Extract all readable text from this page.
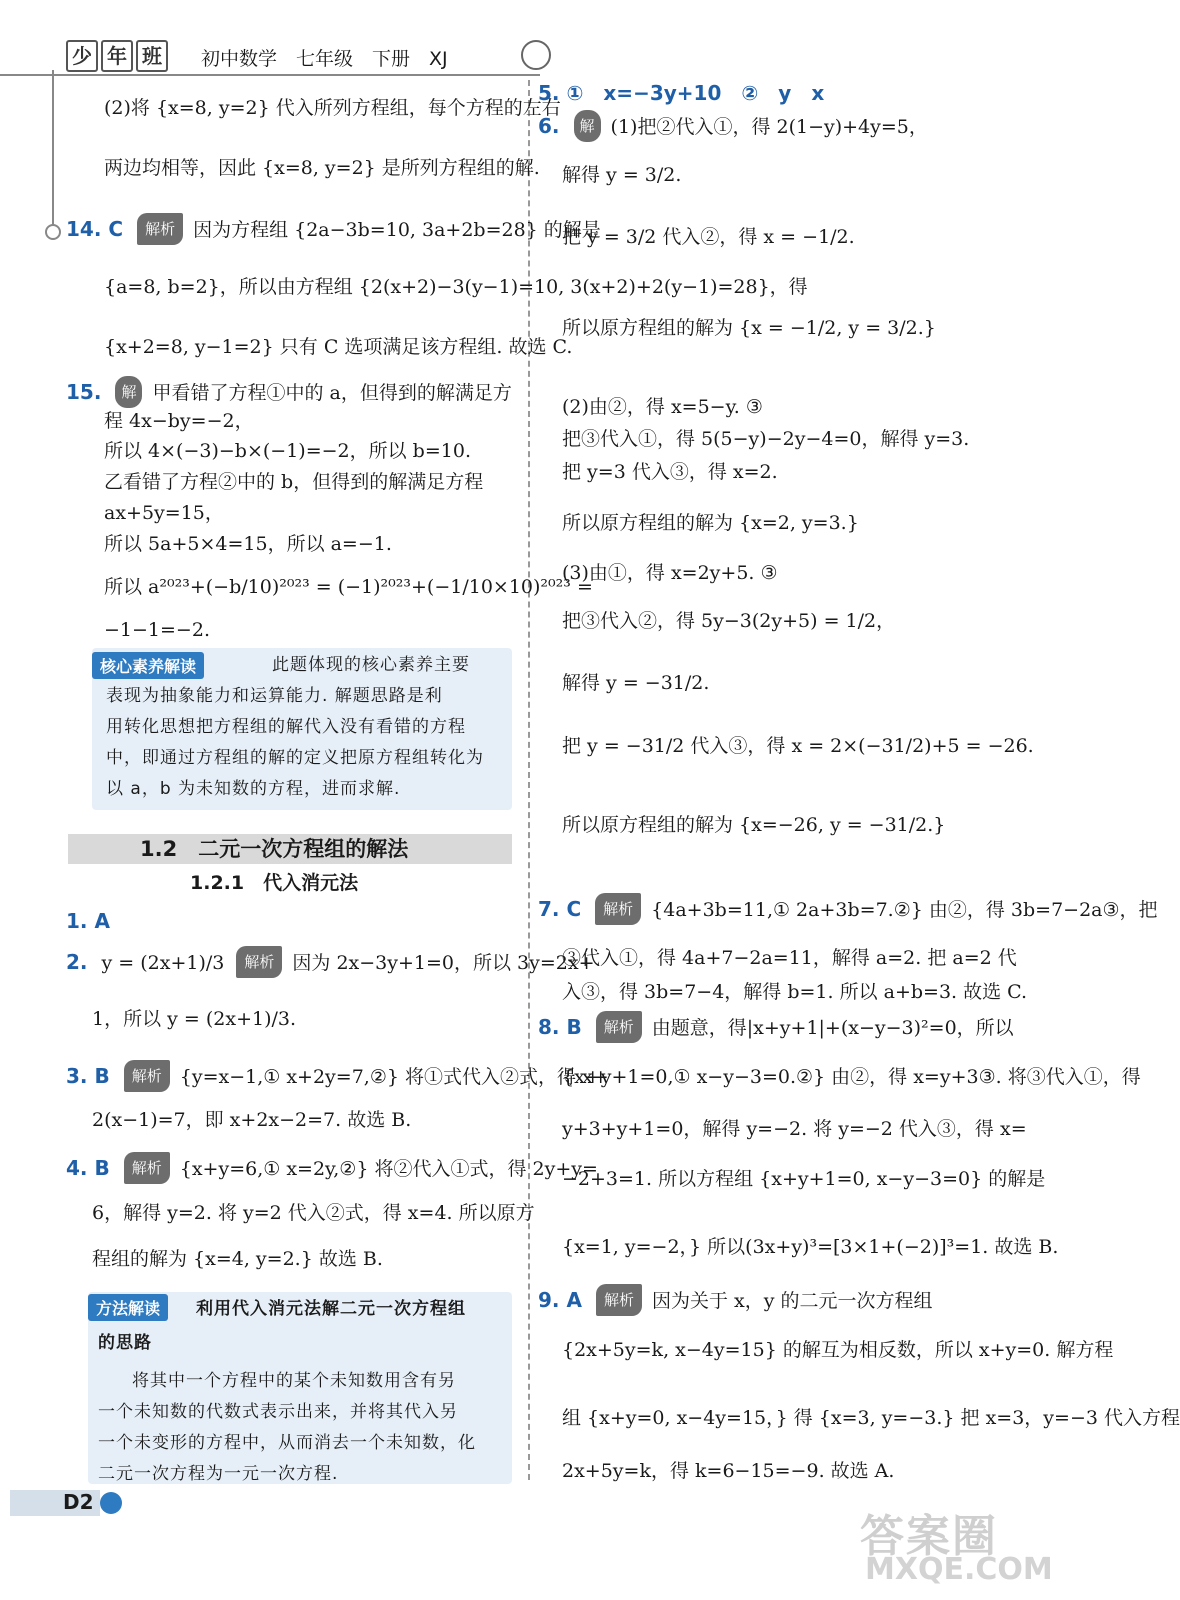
少 年 班	初中数学　七年级　下册　XJ
(2)将 {x=8, y=2} 代入所列方程组，每个方程的左右
两边均相等，因此 {x=8, y=2} 是所列方程组的解.
14. C 解析 因为方程组 {2a−3b=10, 3a+2b=28} 的解是
{a=8, b=2}，所以由方程组 {2(x+2)−3(y−1)=10, 3(x+2)+2(y−1)=28}，得
{x+2=8, y−1=2} 只有 C 选项满足该方程组. 故选 C.
15. 解 甲看错了方程①中的 a，但得到的解满足方
程 4x−by=−2，
所以 4×(−3)−b×(−1)=−2，所以 b=10.
乙看错了方程②中的 b，但得到的解满足方程
ax+5y=15，
所以 5a+5×4=15，所以 a=−1.
所以 a²⁰²³+(−b/10)²⁰²³ = (−1)²⁰²³+(−1/10×10)²⁰²³ =
−1−1=−2.
核心素养解读	此题体现的核心素养主要
表现为抽象能力和运算能力. 解题思路是利
用转化思想把方程组的解代入没有看错的方程
中，即通过方程组的解的定义把原方程组转化为
以 a，b 为未知数的方程，进而求解.
1.2　二元一次方程组的解法
1.2.1　代入消元法
1. A
2. y = (2x+1)/3 解析 因为 2x−3y+1=0，所以 3y=2x+
1，所以 y = (2x+1)/3.
3. B 解析 {y=x−1,① x+2y=7,②} 将①式代入②式，得 x+
2(x−1)=7，即 x+2x−2=7. 故选 B.
4. B 解析 {x+y=6,① x=2y,②} 将②代入①式，得 2y+y=
6，解得 y=2. 将 y=2 代入②式，得 x=4. 所以原方
程组的解为 {x=4, y=2.} 故选 B.
方法解读	利用代入消元法解二元一次方程组
的思路
将其中一个方程中的某个未知数用含有另
一个未知数的代数式表示出来，并将其代入另
一个未变形的方程中，从而消去一个未知数，化
二元一次方程为一元一次方程.
5. ①　x=−3y+10　②　y　x
6. 解 (1)把②代入①，得 2(1−y)+4y=5，
解得 y = 3/2.
把 y = 3/2 代入②，得 x = −1/2.
所以原方程组的解为 {x = −1/2, y = 3/2.}
(2)由②，得 x=5−y. ③
把③代入①，得 5(5−y)−2y−4=0，解得 y=3.
把 y=3 代入③，得 x=2.
所以原方程组的解为 {x=2, y=3.}
(3)由①，得 x=2y+5. ③
把③代入②，得 5y−3(2y+5) = 1/2，
解得 y = −31/2.
把 y = −31/2 代入③，得 x = 2×(−31/2)+5 = −26.
所以原方程组的解为 {x=−26, y = −31/2.}
7. C 解析 {4a+3b=11,① 2a+3b=7.②} 由②，得 3b=7−2a③，把
③代入①，得 4a+7−2a=11，解得 a=2. 把 a=2 代
入③，得 3b=7−4，解得 b=1. 所以 a+b=3. 故选 C.
8. B 解析 由题意，得|x+y+1|+(x−y−3)²=0，所以
{x+y+1=0,① x−y−3=0.②} 由②，得 x=y+3③. 将③代入①，得
y+3+y+1=0，解得 y=−2. 将 y=−2 代入③，得 x=
−2+3=1. 所以方程组 {x+y+1=0, x−y−3=0} 的解是
{x=1, y=−2，} 所以(3x+y)³=[3×1+(−2)]³=1. 故选 B.
9. A 解析 因为关于 x，y 的二元一次方程组
{2x+5y=k, x−4y=15} 的解互为相反数，所以 x+y=0. 解方程
组 {x+y=0, x−4y=15，} 得 {x=3, y=−3.} 把 x=3，y=−3 代入方程
2x+5y=k，得 k=6−15=−9. 故选 A.
D2
答案圈
MXQE.COM
